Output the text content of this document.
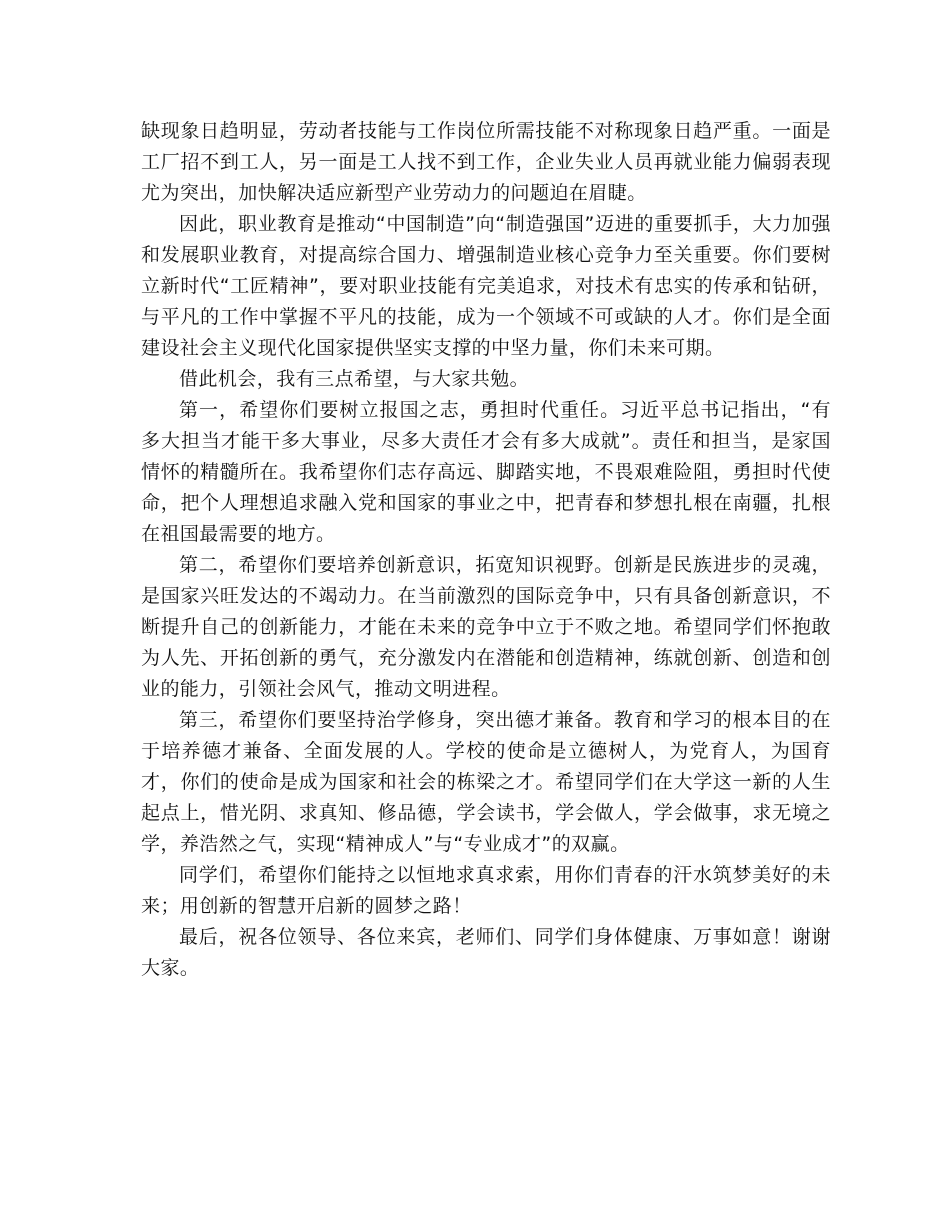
缺现象日趋明显，劳动者技能与工作岗位所需技能不对称现象日趋严重。一面是工厂招不到工人，另一面是工人找不到工作，企业失业人员再就业能力偏弱表现尤为突出，加快解决适应新型产业劳动力的问题迫在眉睫。

因此，职业教育是推动“中国制造”向“制造强国”迈进的重要抓手，大力加强和发展职业教育，对提高综合国力、增强制造业核心竞争力至关重要。你们要树立新时代“工匠精神”，要对职业技能有完美追求，对技术有忠实的传承和钻研，与平凡的工作中掌握不平凡的技能，成为一个领域不可或缺的人才。你们是全面建设社会主义现代化国家提供坚实支撑的中坚力量，你们未来可期。

借此机会，我有三点希望，与大家共勉。

第一，希望你们要树立报国之志，勇担时代重任。习近平总书记指出，“有多大担当才能干多大事业，尽多大责任才会有多大成就”。责任和担当，是家国情怀的精髓所在。我希望你们志存高远、脚踏实地，不畏艰难险阻，勇担时代使命，把个人理想追求融入党和国家的事业之中，把青春和梦想扎根在南疆，扎根在祖国最需要的地方。

第二，希望你们要培养创新意识，拓宽知识视野。创新是民族进步的灵魂，是国家兴旺发达的不竭动力。在当前激烈的国际竞争中，只有具备创新意识，不断提升自己的创新能力，才能在未来的竞争中立于不败之地。希望同学们怀抱敢为人先、开拓创新的勇气，充分激发内在潜能和创造精神，练就创新、创造和创业的能力，引领社会风气，推动文明进程。

第三，希望你们要坚持治学修身，突出德才兼备。教育和学习的根本目的在于培养德才兼备、全面发展的人。学校的使命是立德树人，为党育人，为国育才，你们的使命是成为国家和社会的栋梁之才。希望同学们在大学这一新的人生起点上，惜光阴、求真知、修品德，学会读书，学会做人，学会做事，求无境之学，养浩然之气，实现“精神成人”与“专业成才”的双赢。

同学们，希望你们能持之以恒地求真求索，用你们青春的汗水筑梦美好的未来；用创新的智慧开启新的圆梦之路！

最后，祝各位领导、各位来宾，老师们、同学们身体健康、万事如意！谢谢大家。
